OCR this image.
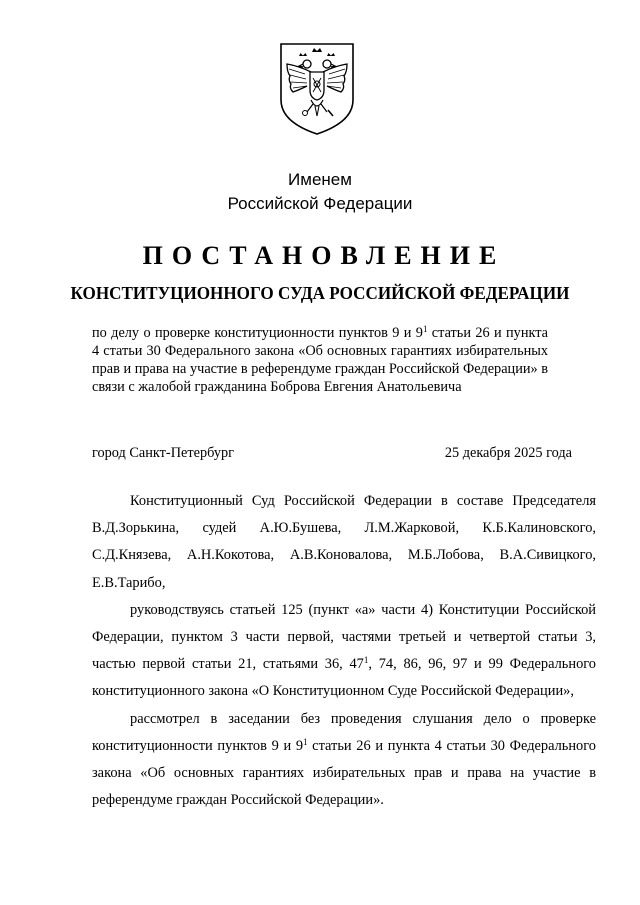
Именем
Российской Федерации
ПОСТАНОВЛЕНИЕ
КОНСТИТУЦИОННОГО СУДА РОССИЙСКОЙ ФЕДЕРАЦИИ
по делу о проверке конституционности пунктов 9 и $9^1$ статьи 26 и пункта 4 статьи 30 Федерального закона «Об основных гарантиях избирательных прав и права на участие в референдуме граждан Российской Федерации» в связи с жалобой гражданина Боброва Евгения Анатольевича
город Санкт-Петербург	25 декабря 2025 года

Конституционный Суд Российской Федерации в составе Председателя В.Д.Зорькина, судей А.Ю.Бушева, Л.М.Жарковой, К.Б.Калиновского, С.Д.Князева, А.Н.Кокотова, А.В.Коновалова, М.Б.Лобова, В.А.Сивицкого, Е.В.Тарибо,

руководствуясь статьей 125 (пункт «а» части 4) Конституции Российской Федерации, пунктом 3 части первой, частями третьей и четвертой статьи 3, частью первой статьи 21, статьями 36, $47^1$, 74, 86, 96, 97 и 99 Федерального конституционного закона «О Конституционном Суде Российской Федерации»,

рассмотрел в заседании без проведения слушания дело о проверке конституционности пунктов 9 и $9^1$ статьи 26 и пункта 4 статьи 30 Федерального закона «Об основных гарантиях избирательных прав и права на участие в референдуме граждан Российской Федерации».
